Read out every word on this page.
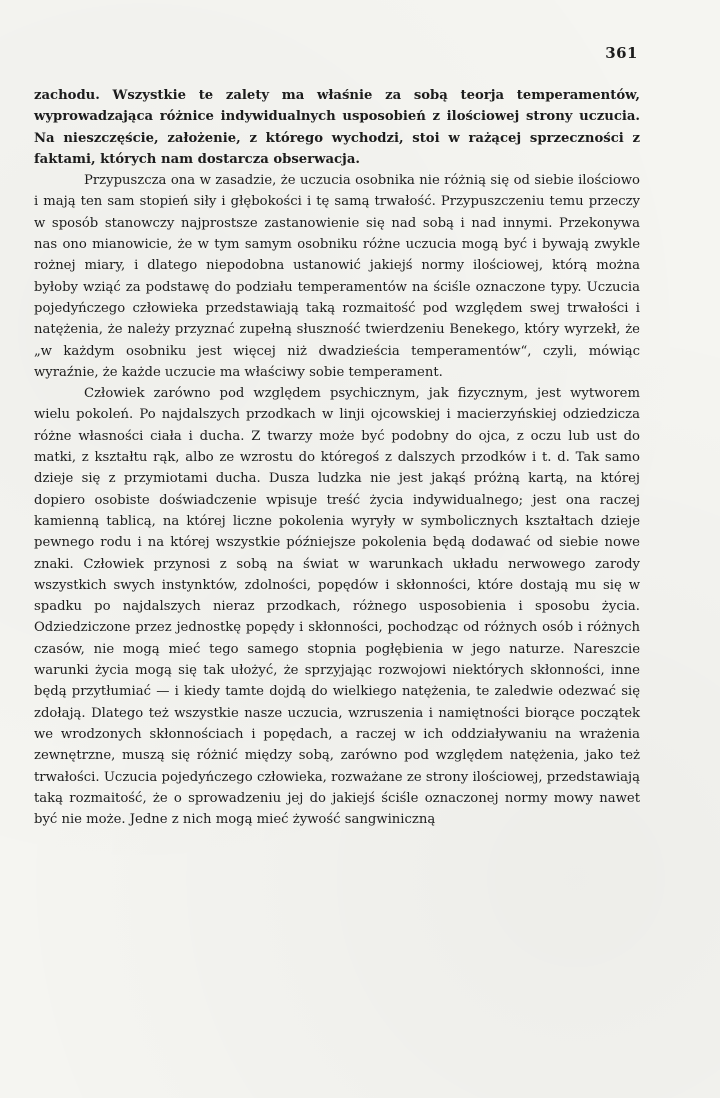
361

zachodu. Wszystkie te zalety ma właśnie za sobą teorja temperamentów, wyprowadzająca różnice indywidualnych usposobień z ilościowej strony uczucia. Na nieszczęście, założenie, z którego wychodzi, stoi w rażącej sprzeczności z faktami, których nam dostarcza obserwacja.

Przypuszcza ona w zasadzie, że uczucia osobnika nie różnią się od siebie ilościowo i mają ten sam stopień siły i głębokości i tę samą trwałość. Przypuszczeniu temu przeczy w sposób stanowczy najprostsze zastanowienie się nad sobą i nad innymi. Przekonywa nas ono mianowicie, że w tym samym osobniku różne uczucia mogą być i bywają zwykle rożnej miary, i dlatego niepodobna ustanowić jakiejś normy ilościowej, którą można byłoby wziąć za podstawę do podziału temperamentów na ściśle oznaczone typy. Uczucia pojedyńczego człowieka przedstawiają taką rozmaitość pod względem swej trwałości i natężenia, że należy przyznać zupełną słuszność twierdzeniu Benekego, który wyrzekł, że „w każdym osobniku jest więcej niż dwadzieścia temperamentów“, czyli, mówiąc wyraźnie, że każde uczucie ma właściwy sobie temperament.

Człowiek zarówno pod względem psychicznym, jak fizycznym, jest wytworem wielu pokoleń. Po najdalszych przodkach w linji ojcowskiej i macierzyńskiej odziedzicza różne własności ciała i ducha. Z twarzy może być podobny do ojca, z oczu lub ust do matki, z kształtu rąk, albo ze wzrostu do któregoś z dalszych przodków i t. d. Tak samo dzieje się z przymiotami ducha. Dusza ludzka nie jest jakąś próżną kartą, na której dopiero osobiste doświadczenie wpisuje treść życia indywidualnego; jest ona raczej kamienną tablicą, na której liczne pokolenia wyryły w symbolicznych kształtach dzieje pewnego rodu i na której wszystkie późniejsze pokolenia będą dodawać od siebie nowe znaki. Człowiek przynosi z sobą na świat w warunkach układu nerwowego zarody wszystkich swych instynktów, zdolności, popędów i skłonności, które dostają mu się w spadku po najdalszych nieraz przodkach, różnego usposobienia i sposobu życia. Odziedziczone przez jednostkę popędy i skłonności, pochodząc od różnych osób i różnych czasów, nie mogą mieć tego samego stopnia pogłębienia w jego naturze. Nareszcie warunki życia mogą się tak ułożyć, że sprzyjając rozwojowi niektórych skłonności, inne będą przytłumiać — i kiedy tamte dojdą do wielkiego natężenia, te zaledwie odezwać się zdołają. Dlatego też wszystkie nasze uczucia, wzruszenia i namiętności biorące początek we wrodzonych skłonnościach i popędach, a raczej w ich oddziaływaniu na wrażenia zewnętrzne, muszą się różnić między sobą, zarówno pod względem natężenia, jako też trwałości. Uczucia pojedyńczego człowieka, rozważane ze strony ilościowej, przedstawiają taką rozmaitość, że o sprowadzeniu jej do jakiejś ściśle oznaczonej normy mowy nawet być nie może. Jedne z nich mogą mieć żywość sangwiniczną
